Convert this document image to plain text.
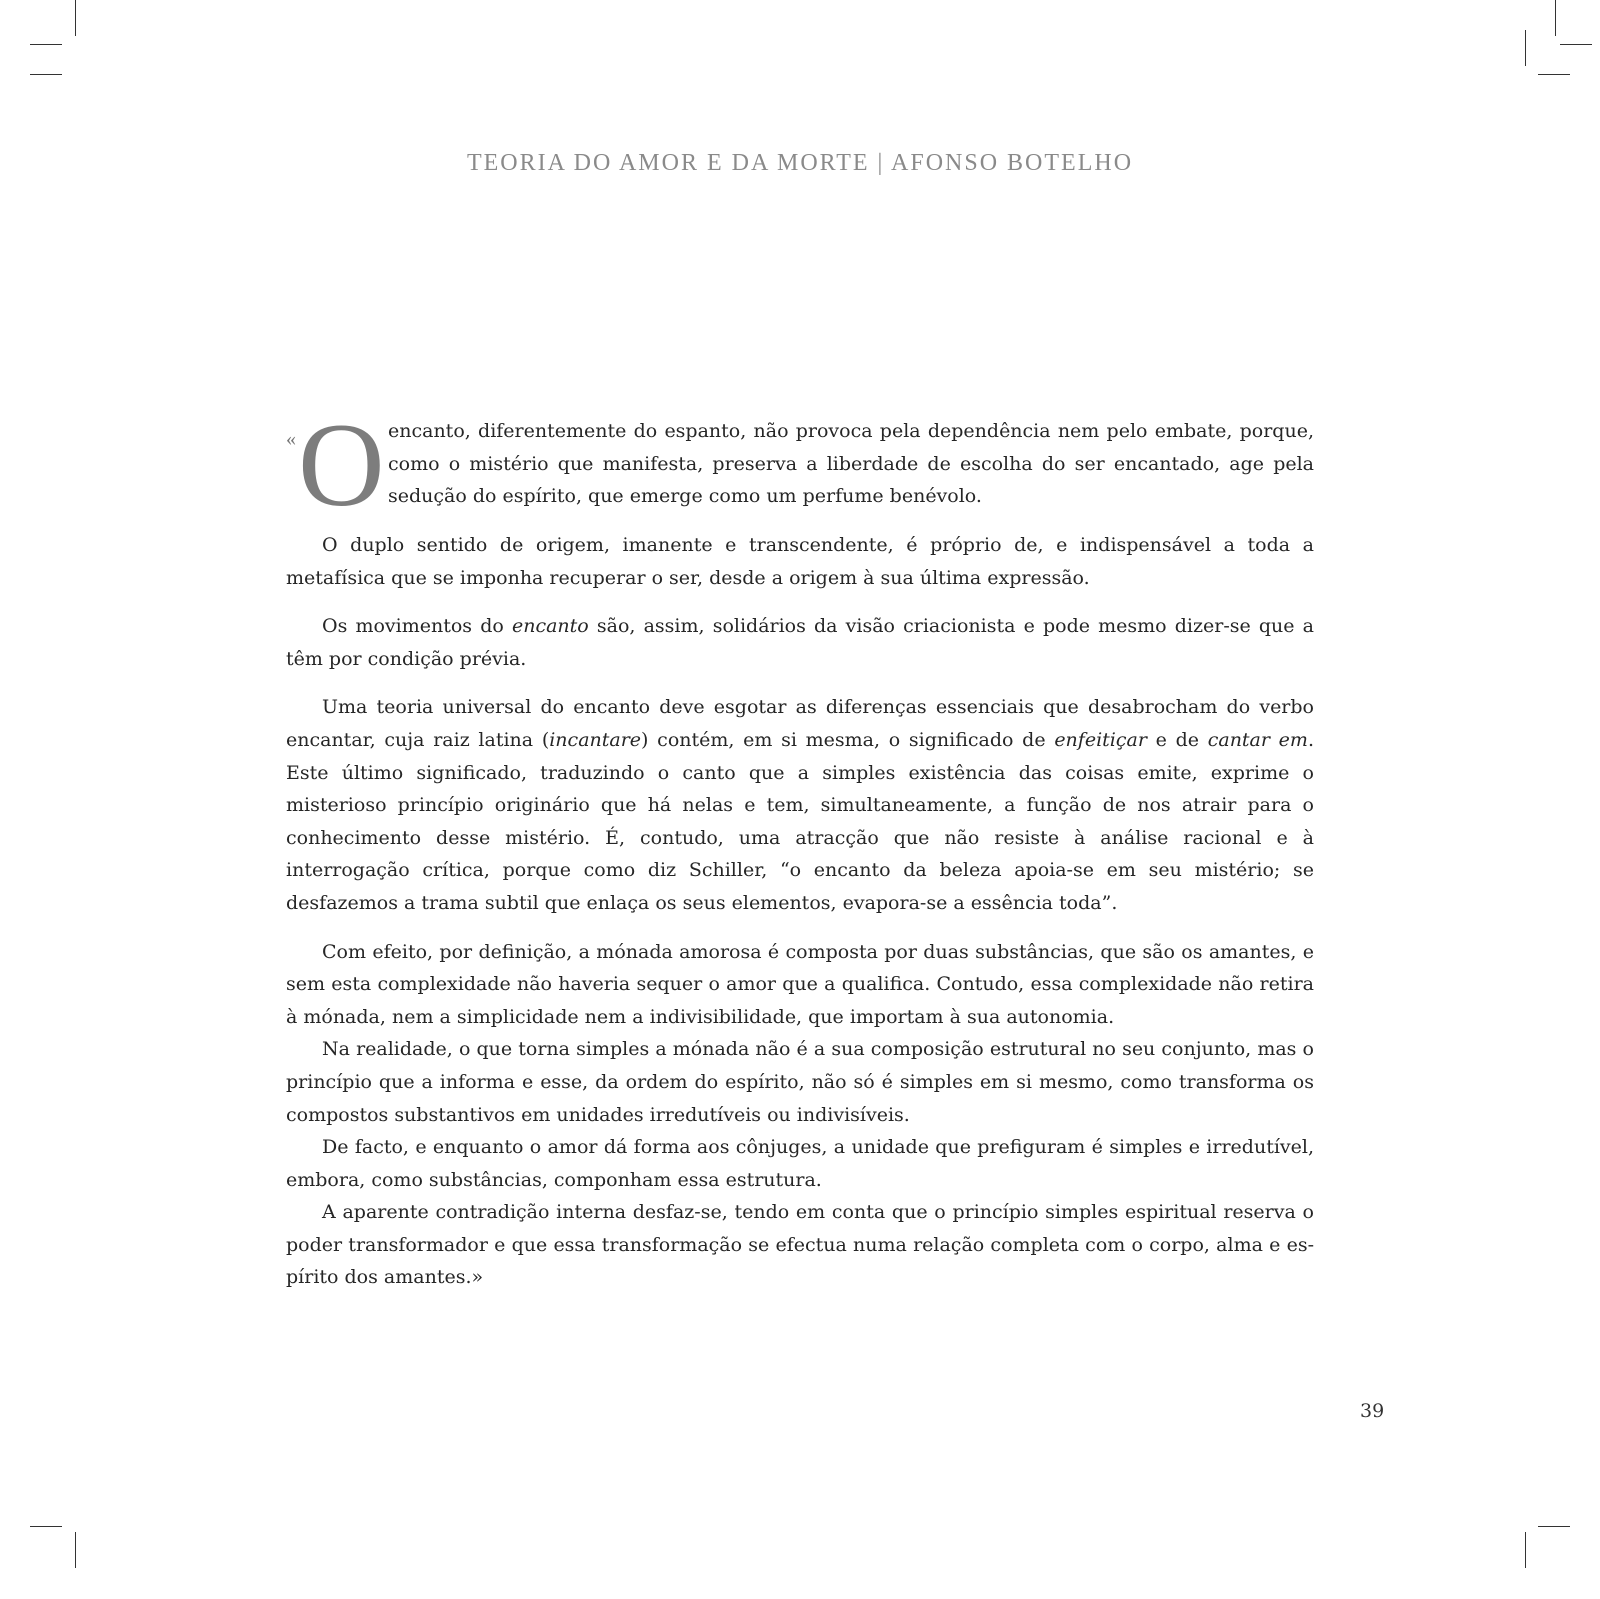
TEORIA DO AMOR E DA MORTE | AFONSO BOTELHO

« O encanto, diferentemente do espanto, não provoca pela dependência nem pelo embate, porque, como o mistério que manifesta, preserva a liberdade de escolha do ser encantado, age pela sedução do espírito, que emerge como um perfume benévolo.

O duplo sentido de origem, imanente e transcendente, é próprio de, e indispensável a toda a metafísica que se imponha recuperar o ser, desde a origem à sua última expressão.

Os movimentos do encanto são, assim, solidários da visão criacionista e pode mesmo dizer-se que a têm por condição prévia.

Uma teoria universal do encanto deve esgotar as diferenças essenciais que desabrocham do verbo encantar, cuja raiz latina (incantare) contém, em si mesma, o significado de enfeitiçar e de cantar em. Este último significado, traduzindo o canto que a simples existência das coisas emite, exprime o misterioso princípio originário que há nelas e tem, simultaneamente, a função de nos atrair para o conhecimento desse mistério. É, contudo, uma atracção que não resiste à análise racional e à interrogação crítica, porque como diz Schiller, “o encanto da beleza apoia-se em seu mistério; se desfazemos a trama subtil que enlaça os seus elementos, evapora-se a essência toda”.

Com efeito, por definição, a mónada amorosa é composta por duas substâncias, que são os amantes, e sem esta complexidade não haveria sequer o amor que a qualifica. Contudo, essa complexidade não retira à mónada, nem a simplicidade nem a indivisibilidade, que importam à sua autonomia.

Na realidade, o que torna simples a mónada não é a sua composição estrutural no seu conjunto, mas o princípio que a informa e esse, da ordem do espírito, não só é simples em si mesmo, como transforma os compostos substantivos em unidades irredutíveis ou indivisíveis.

De facto, e enquanto o amor dá forma aos cônjuges, a unidade que prefiguram é simples e irredutível, embora, como substâncias, componham essa estrutura.

A aparente contradição interna desfaz-se, tendo em conta que o princípio simples espiritual reserva o poder transformador e que essa transformação se efectua numa relação completa com o corpo, alma e espírito dos amantes.»

39
